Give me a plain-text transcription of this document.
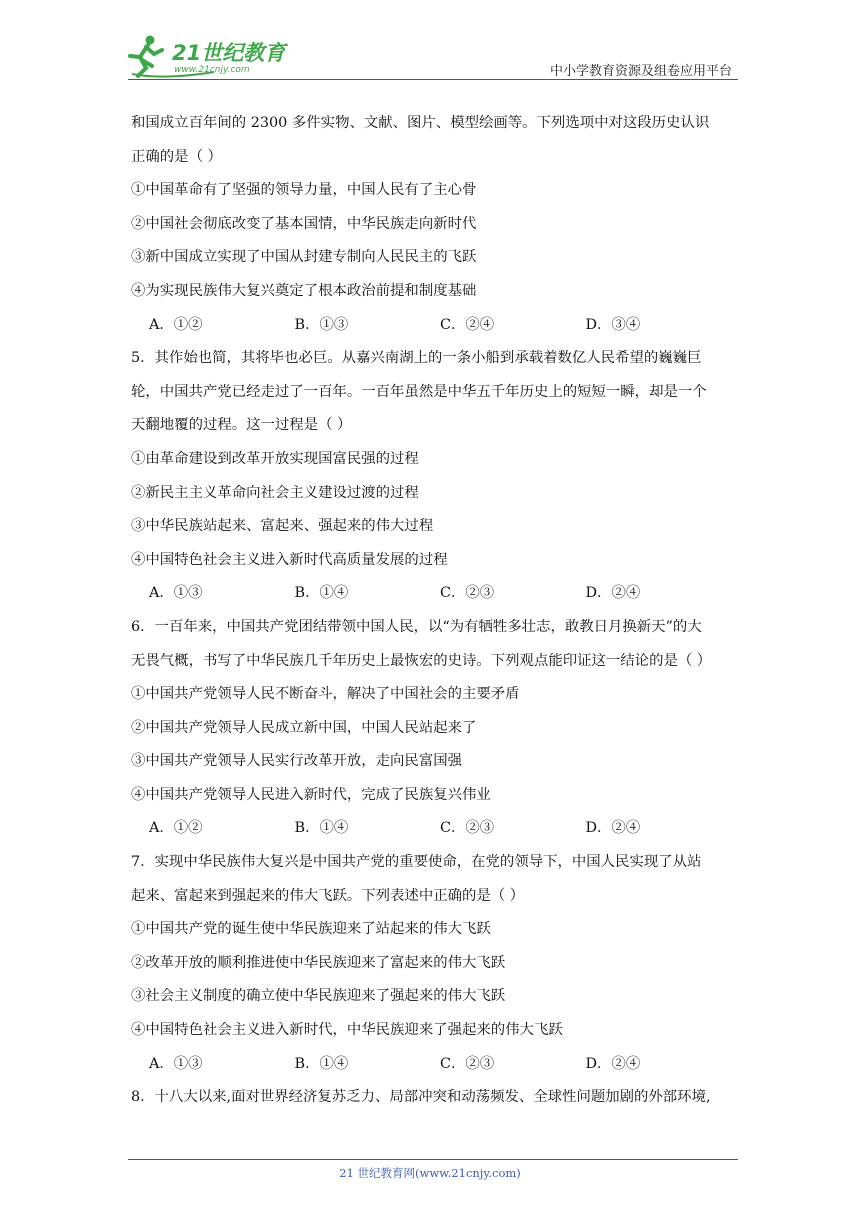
21世纪教育
www.21cnjy.com	中小学教育资源及组卷应用平台
和国成立百年间的 2300 多件实物、文献、图片、模型绘画等。下列选项中对这段历史认识
正确的是（ ）
①中国革命有了坚强的领导力量，中国人民有了主心骨
②中国社会彻底改变了基本国情，中华民族走向新时代
③新中国成立实现了中国从封建专制向人民民主的飞跃
④为实现民族伟大复兴奠定了根本政治前提和制度基础
A．①②	B．①③	C．②④	D．③④
5．其作始也简，其将毕也必巨。从嘉兴南湖上的一条小船到承载着数亿人民希望的巍巍巨
轮，中国共产党已经走过了一百年。一百年虽然是中华五千年历史上的短短一瞬，却是一个
天翻地覆的过程。这一过程是（ ）
①由革命建设到改革开放实现国富民强的过程
②新民主主义革命向社会主义建设过渡的过程
③中华民族站起来、富起来、强起来的伟大过程
④中国特色社会主义进入新时代高质量发展的过程
A．①③	B．①④	C．②③	D．②④
6．一百年来，中国共产党团结带领中国人民，以“为有牺牲多壮志，敢教日月换新天”的大
无畏气概，书写了中华民族几千年历史上最恢宏的史诗。下列观点能印证这一结论的是（ ）
①中国共产党领导人民不断奋斗，解决了中国社会的主要矛盾
②中国共产党领导人民成立新中国，中国人民站起来了
③中国共产党领导人民实行改革开放，走向民富国强
④中国共产党领导人民进入新时代，完成了民族复兴伟业
A．①②	B．①④	C．②③	D．②④
7．实现中华民族伟大复兴是中国共产党的重要使命，在党的领导下，中国人民实现了从站
起来、富起来到强起来的伟大飞跃。下列表述中正确的是（ ）
①中国共产党的诞生使中华民族迎来了站起来的伟大飞跃
②改革开放的顺利推进使中华民族迎来了富起来的伟大飞跃
③社会主义制度的确立使中华民族迎来了强起来的伟大飞跃
④中国特色社会主义进入新时代，中华民族迎来了强起来的伟大飞跃
A．①③	B．①④	C．②③	D．②④
8．十八大以来,面对世界经济复苏乏力、局部冲突和动荡频发、全球性问题加剧的外部环境,
21 世纪教育网(www.21cnjy.com)
